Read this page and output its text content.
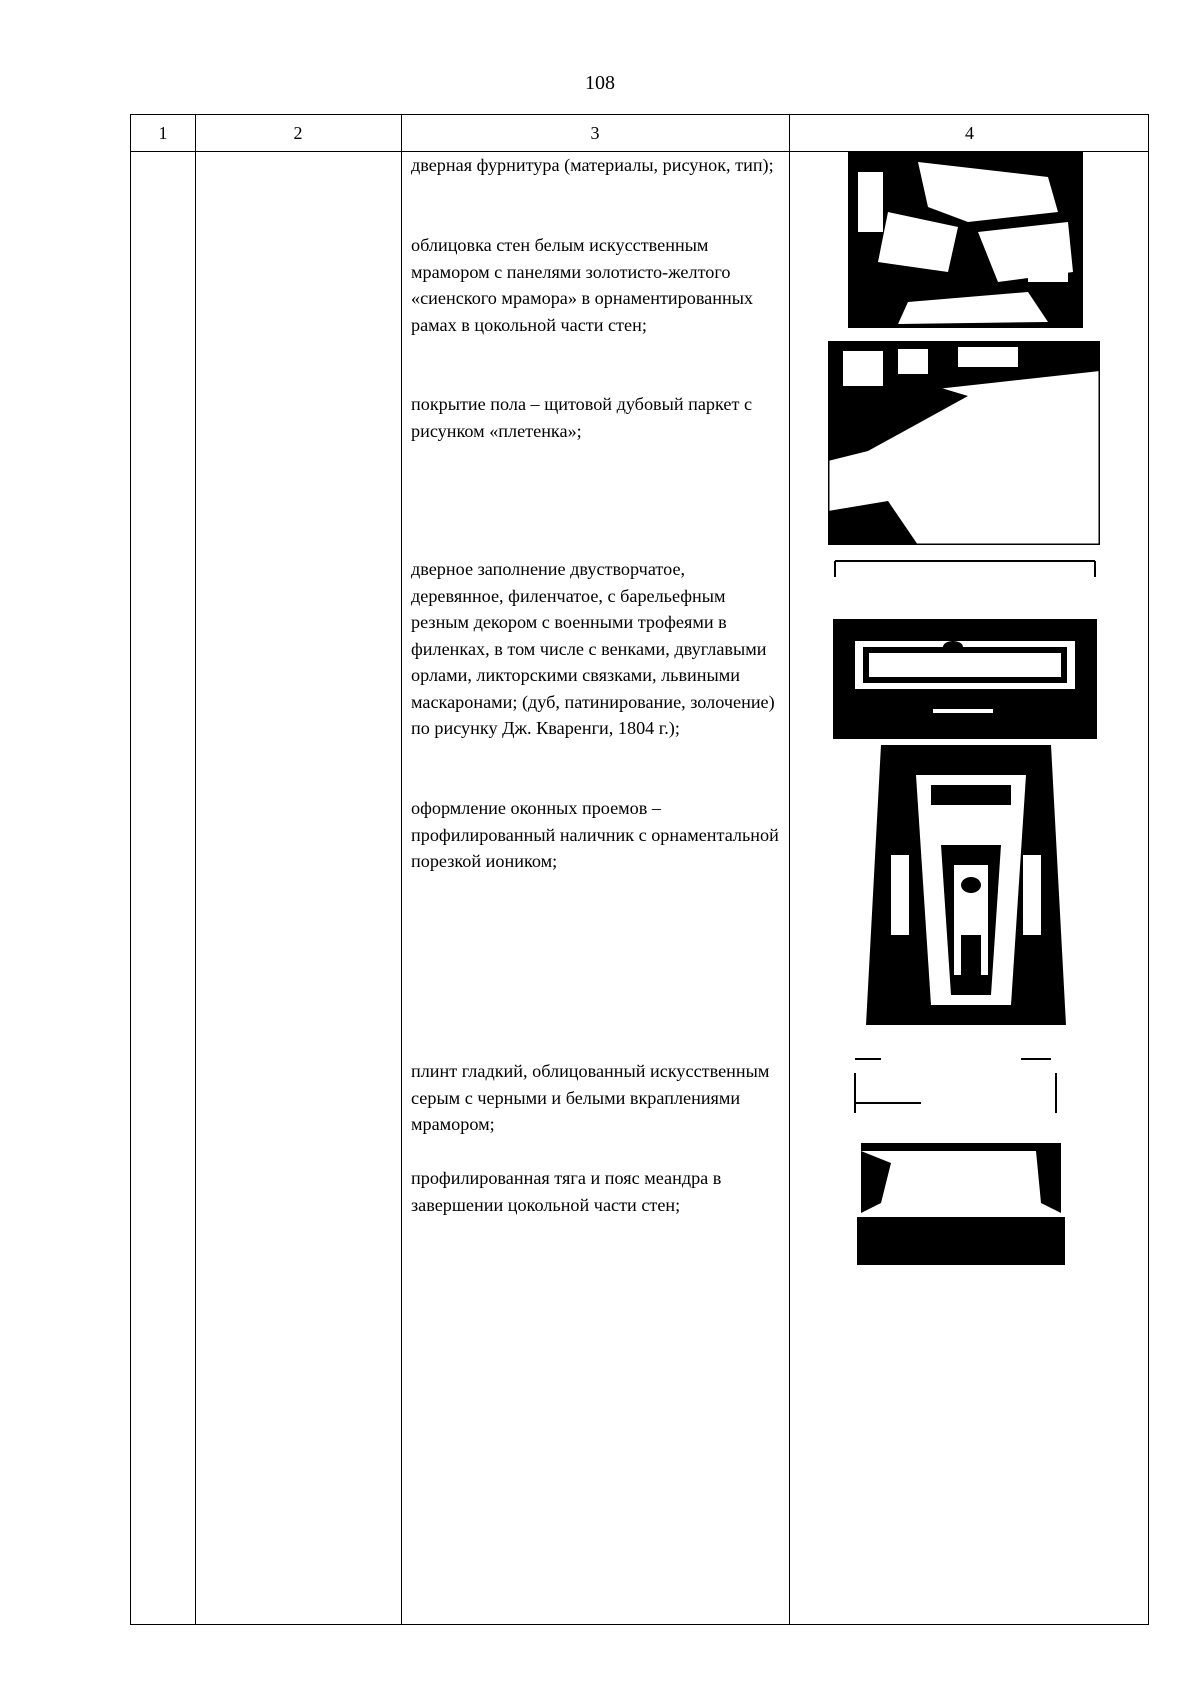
108
1	2	3	4

дверная фурнитура (материалы, рисунок, тип);

облицовка стен белым искусственным мрамором с панелями золотисто-желтого «сиенского мрамора» в орнаментированных рамах в цокольной части стен;

покрытие пола – щитовой дубовый паркет с рисунком «плетенка»;

дверное заполнение двустворчатое, деревянное, филенчатое, с барельефным резным декором с военными трофеями в филенках, в том числе с венками, двуглавыми орлами, ликторскими связками, львиными маскаронами; (дуб, патинирование, золочение) по рисунку Дж. Кваренги, 1804 г.);

оформление оконных проемов – профилированный наличник с орнаментальной порезкой иоником;

плинт гладкий, облицованный искусственным серым с черными и белыми вкраплениями мрамором;

профилированная тяга и пояс меандра в завершении цокольной части стен;
